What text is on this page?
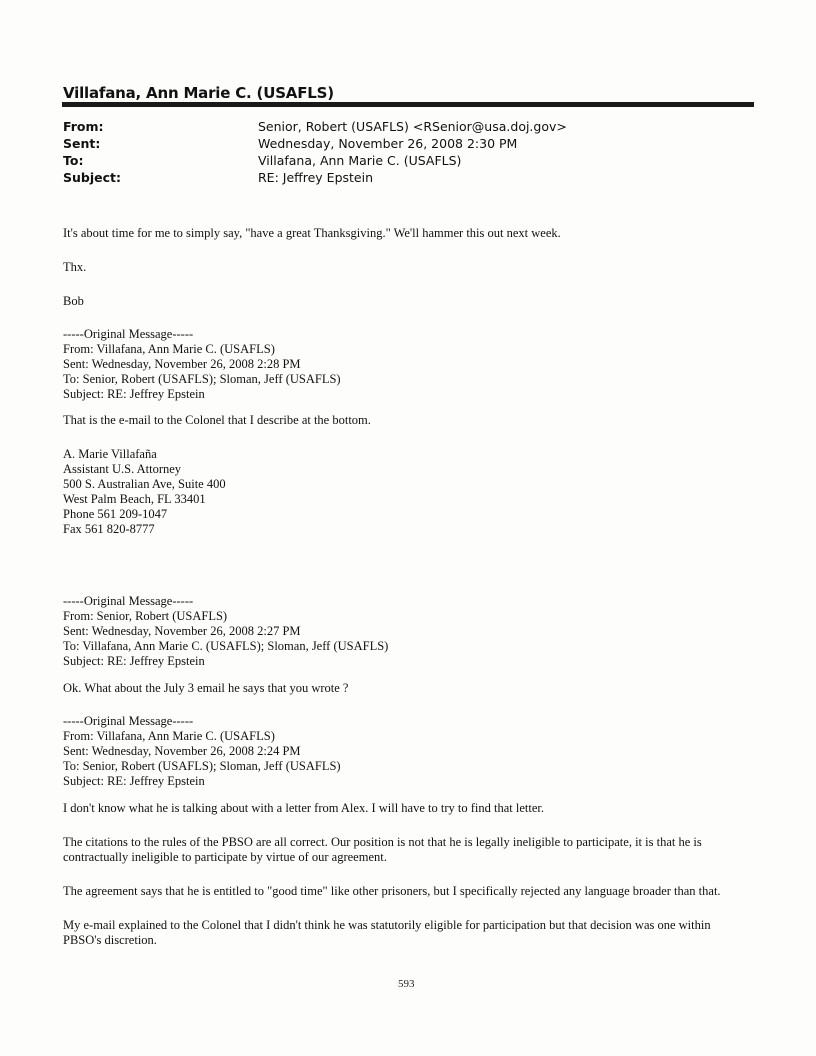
Villafana, Ann Marie C. (USAFLS)
From:	Senior, Robert (USAFLS) <RSenior@usa.doj.gov>
Sent:	Wednesday, November 26, 2008 2:30 PM
To:	Villafana, Ann Marie C. (USAFLS)
Subject:	RE: Jeffrey Epstein
It's about time for me to simply say, "have a great Thanksgiving." We'll hammer this out next week.
Thx.
Bob
-----Original Message-----
From: Villafana, Ann Marie C. (USAFLS)
Sent: Wednesday, November 26, 2008 2:28 PM
To: Senior, Robert (USAFLS); Sloman, Jeff (USAFLS)
Subject: RE: Jeffrey Epstein
That is the e-mail to the Colonel that I describe at the bottom.
A. Marie Villafaña
Assistant U.S. Attorney
500 S. Australian Ave, Suite 400
West Palm Beach, FL 33401
Phone 561 209-1047
Fax 561 820-8777
-----Original Message-----
From: Senior, Robert (USAFLS)
Sent: Wednesday, November 26, 2008 2:27 PM
To: Villafana, Ann Marie C. (USAFLS); Sloman, Jeff (USAFLS)
Subject: RE: Jeffrey Epstein
Ok. What about the July 3 email he says that you wrote ?
-----Original Message-----
From: Villafana, Ann Marie C. (USAFLS)
Sent: Wednesday, November 26, 2008 2:24 PM
To: Senior, Robert (USAFLS); Sloman, Jeff (USAFLS)
Subject: RE: Jeffrey Epstein
I don't know what he is talking about with a letter from Alex. I will have to try to find that letter.
The citations to the rules of the PBSO are all correct. Our position is not that he is legally ineligible to participate, it is that he is contractually ineligible to participate by virtue of our agreement.
The agreement says that he is entitled to "good time" like other prisoners, but I specifically rejected any language broader than that.
My e-mail explained to the Colonel that I didn't think he was statutorily eligible for participation but that decision was one within PBSO's discretion.
593
